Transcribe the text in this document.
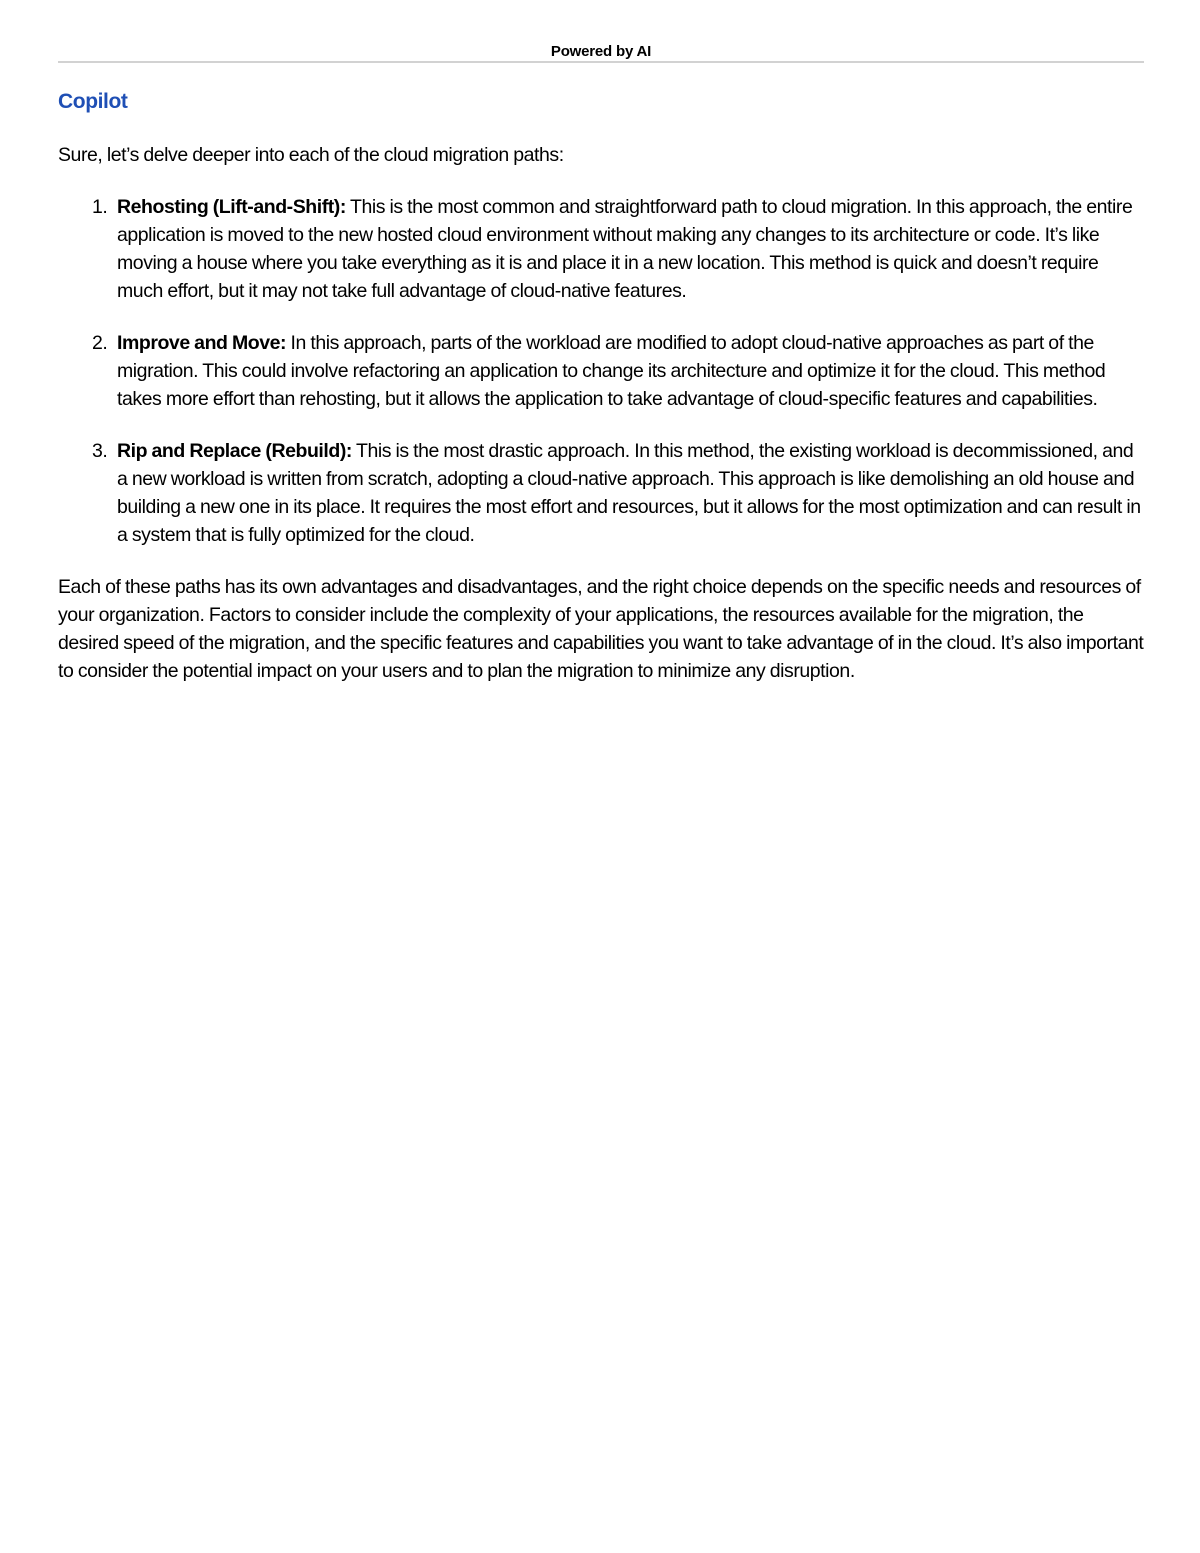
Powered by AI
Copilot

Sure, let’s delve deeper into each of the cloud migration paths:

1. Rehosting (Lift-and-Shift): This is the most common and straightforward path to cloud migration. In this approach, the entire application is moved to the new hosted cloud environment without making any changes to its architecture or code. It’s like moving a house where you take everything as it is and place it in a new location. This method is quick and doesn’t require much effort, but it may not take full advantage of cloud-native features.
2. Improve and Move: In this approach, parts of the workload are modified to adopt cloud-native approaches as part of the migration. This could involve refactoring an application to change its architecture and optimize it for the cloud. This method takes more effort than rehosting, but it allows the application to take advantage of cloud-specific features and capabilities.
3. Rip and Replace (Rebuild): This is the most drastic approach. In this method, the existing workload is decommissioned, and a new workload is written from scratch, adopting a cloud-native approach. This approach is like demolishing an old house and building a new one in its place. It requires the most effort and resources, but it allows for the most optimization and can result in a system that is fully optimized for the cloud.

Each of these paths has its own advantages and disadvantages, and the right choice depends on the specific needs and resources of your organization. Factors to consider include the complexity of your applications, the resources available for the migration, the desired speed of the migration, and the specific features and capabilities you want to take advantage of in the cloud. It’s also important to consider the potential impact on your users and to plan the migration to minimize any disruption.
